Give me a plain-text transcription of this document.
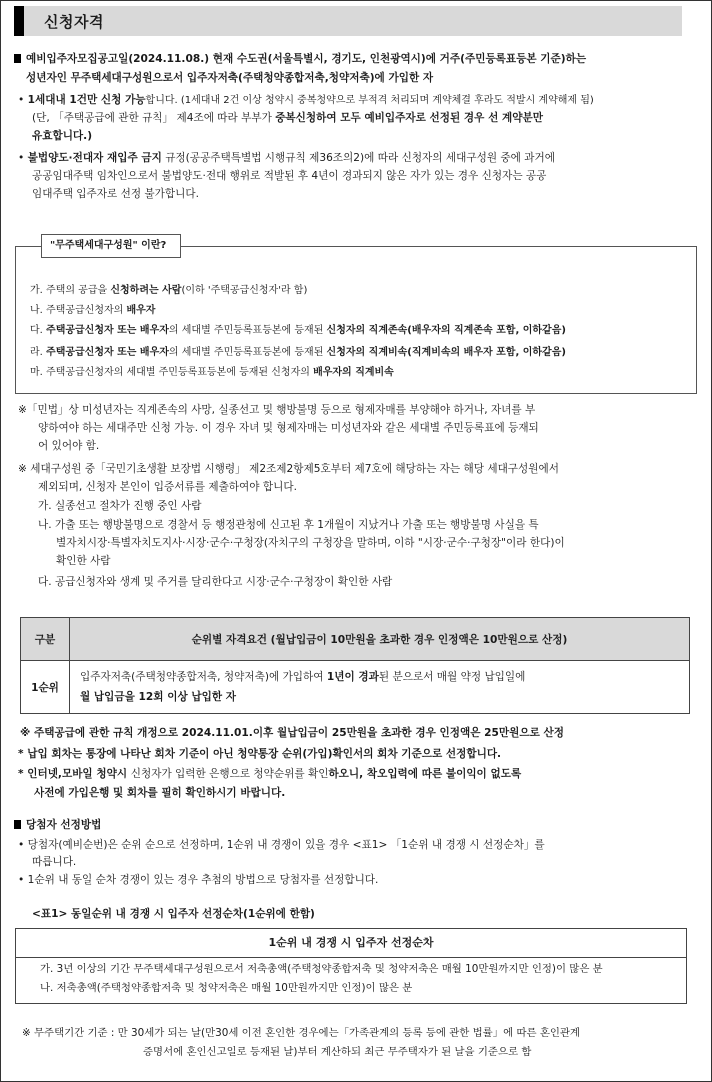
신청자격
예비입주자모집공고일(2024.11.08.) 현재 수도권(서울특별시, 경기도, 인천광역시)에 거주(주민등록표등본 기준)하는
성년자인 무주택세대구성원으로서 입주자저축(주택청약종합저축,청약저축)에 가입한 자
• 1세대내 1건만 신청 가능합니다. (1세대내 2건 이상 청약시 중복청약으로 부적격 처리되며 계약체결 후라도 적발시 계약해제 됨)
(단, 「주택공급에 관한 규칙」 제4조에 따라 부부가 중복신청하여 모두 예비입주자로 선정된 경우 선 계약분만
유효합니다.)
• 불법양도·전대자 재입주 금지 규정(공공주택특별법 시행규칙 제36조의2)에 따라 신청자의 세대구성원 중에 과거에
공공임대주택 임차인으로서 불법양도·전대 행위로 적발된 후 4년이 경과되지 않은 자가 있는 경우 신청자는 공공
임대주택 입주자로 선정 불가합니다.
"무주택세대구성원" 이란?
가. 주택의 공급을 신청하려는 사람(이하 '주택공급신청자'라 함)
나. 주택공급신청자의 배우자
다. 주택공급신청자 또는 배우자의 세대별 주민등록표등본에 등재된 신청자의 직계존속(배우자의 직계존속 포함, 이하같음)
라. 주택공급신청자 또는 배우자의 세대별 주민등록표등본에 등재된 신청자의 직계비속(직계비속의 배우자 포함, 이하같음)
마. 주택공급신청자의 세대별 주민등록표등본에 등재된 신청자의 배우자의 직계비속
※「민법」상 미성년자는 직계존속의 사망, 실종선고 및 행방불명 등으로 형제자매를 부양해야 하거나, 자녀를 부
양하여야 하는 세대주만 신청 가능. 이 경우 자녀 및 형제자매는 미성년자와 같은 세대별 주민등록표에 등재되
어 있어야 함.
※ 세대구성원 중「국민기초생활 보장법 시행령」 제2조제2항제5호부터 제7호에 해당하는 자는 해당 세대구성원에서
제외되며, 신청자 본인이 입증서류를 제출하여야 합니다.
가. 실종선고 절차가 진행 중인 사람
나. 가출 또는 행방불명으로 경찰서 등 행정관청에 신고된 후 1개월이 지났거나 가출 또는 행방불명 사실을 특
별자치시장·특별자치도지사·시장·군수·구청장(자치구의 구청장을 말하며, 이하 "시장·군수·구청장"이라 한다)이
확인한 사람
다. 공급신청자와 생계 및 주거를 달리한다고 시장·군수·구청장이 확인한 사람
구분	순위별 자격요건 (월납입금이 10만원을 초과한 경우 인정액은 10만원으로 산정)
1순위	입주자저축(주택청약종합저축, 청약저축)에 가입하여 1년이 경과된 분으로서 매월 약정 납입일에
월 납입금을 12회 이상 납입한 자
※ 주택공급에 관한 규칙 개정으로 2024.11.01.이후 월납입금이 25만원을 초과한 경우 인정액은 25만원으로 산정
* 납입 회차는 통장에 나타난 회차 기준이 아닌 청약통장 순위(가입)확인서의 회차 기준으로 선정합니다.
* 인터넷,모바일 청약시 신청자가 입력한 은행으로 청약순위를 확인하오니, 착오입력에 따른 불이익이 없도록
사전에 가입은행 및 회차를 필히 확인하시기 바랍니다.
당첨자 선정방법
• 당첨자(예비순번)은 순위 순으로 선정하며, 1순위 내 경쟁이 있을 경우 <표1> 「1순위 내 경쟁 시 선정순차」를
따릅니다.
• 1순위 내 동일 순차 경쟁이 있는 경우 추첨의 방법으로 당첨자를 선정합니다.
<표1> 동일순위 내 경쟁 시 입주자 선정순차(1순위에 한함)
1순위 내 경쟁 시 입주자 선정순차
가. 3년 이상의 기간 무주택세대구성원으로서 저축총액(주택청약종합저축 및 청약저축은 매월 10만원까지만 인정)이 많은 분
나. 저축총액(주택청약종합저축 및 청약저축은 매월 10만원까지만 인정)이 많은 분
※ 무주택기간 기준 : 만 30세가 되는 날(만30세 이전 혼인한 경우에는「가족관계의 등록 등에 관한 법률」에 따른 혼인관계
증명서에 혼인신고일로 등재된 날)부터 계산하되 최근 무주택자가 된 날을 기준으로 함
